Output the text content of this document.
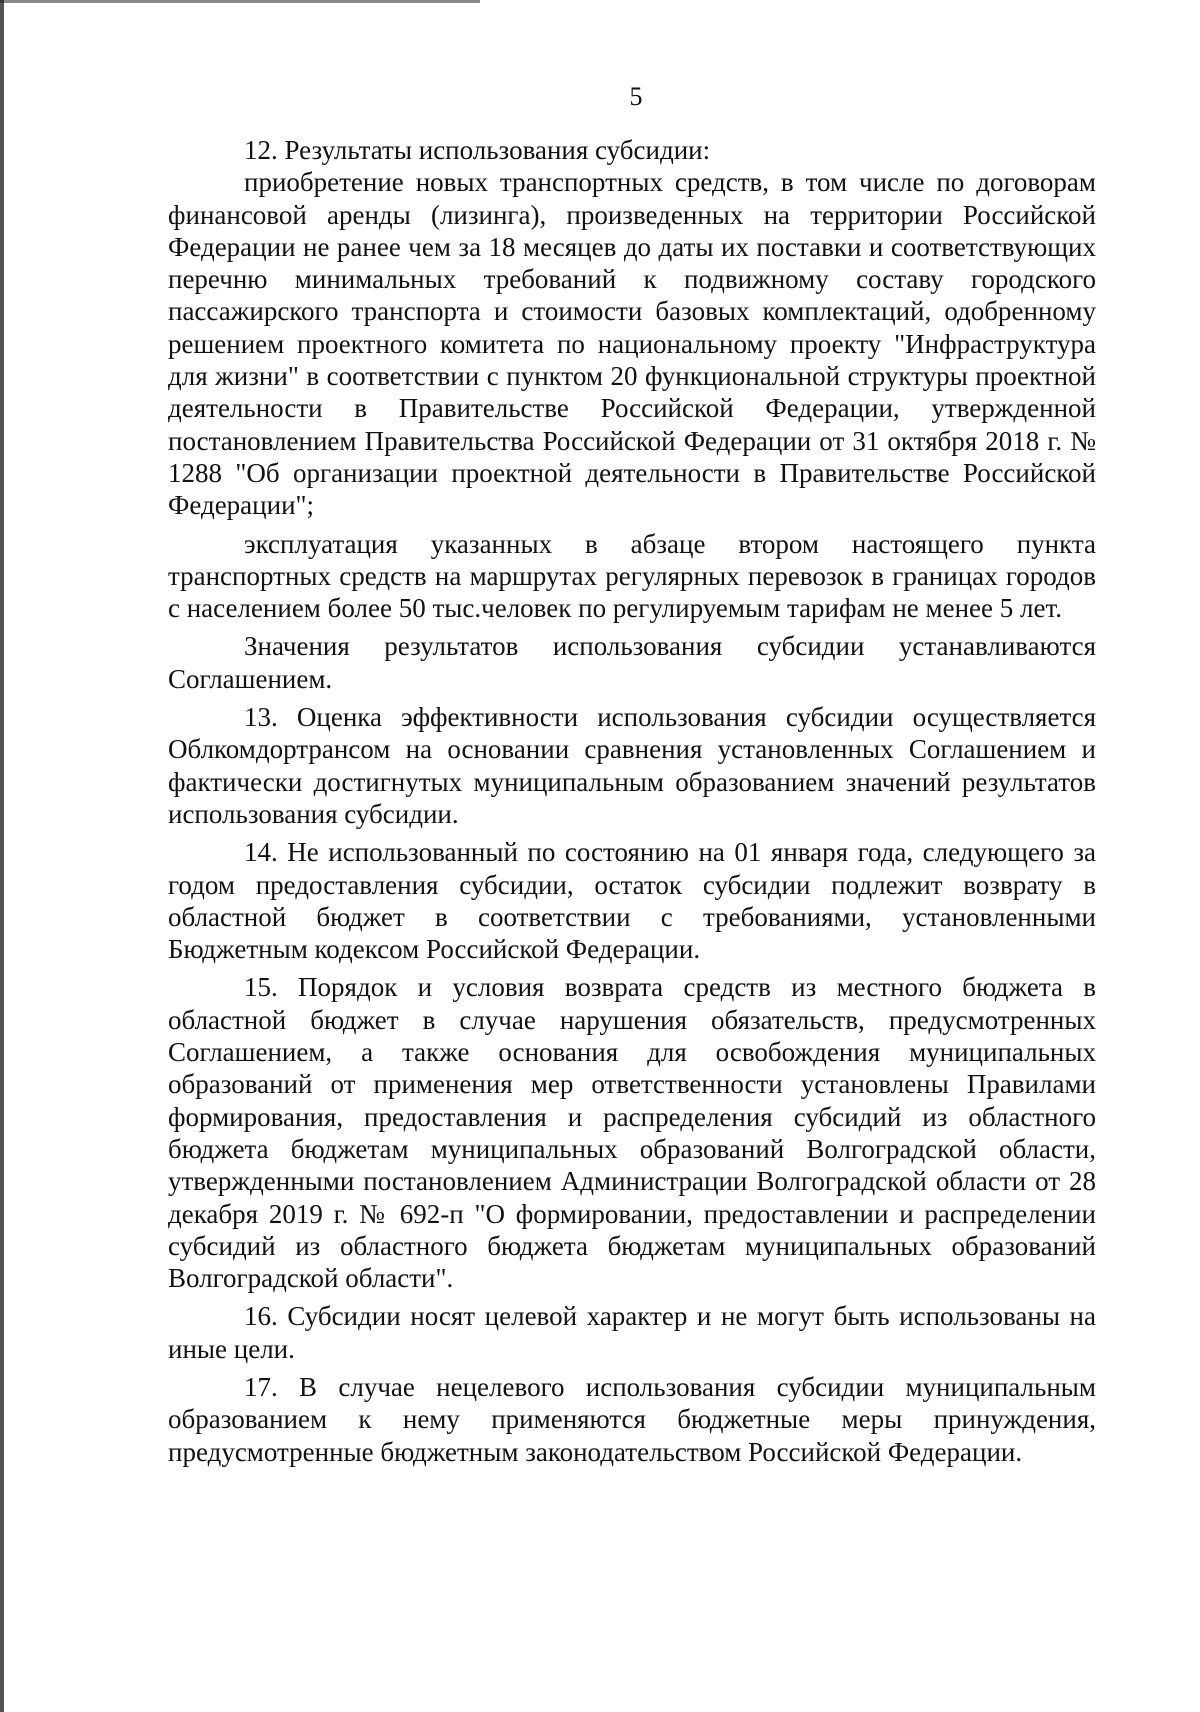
5

12. Результаты использования субсидии:

приобретение новых транспортных средств, в том числе по договорам финансовой аренды (лизинга), произведенных на территории Российской Федерации не ранее чем за 18 месяцев до даты их поставки и соответствующих перечню минимальных требований к подвижному составу городского пассажирского транспорта и стоимости базовых комплектаций, одобренному решением проектного комитета по национальному проекту "Инфраструктура для жизни" в соответствии с пунктом 20 функциональной структуры проектной деятельности в Правительстве Российской Федерации, утвержденной постановлением Правительства Российской Федерации от 31 октября 2018 г. № 1288 "Об организации проектной деятельности в Правительстве Российской Федерации";

эксплуатация указанных в абзаце втором настоящего пункта транспортных средств на маршрутах регулярных перевозок в границах городов с населением более 50 тыс.человек по регулируемым тарифам не менее 5 лет.

Значения результатов использования субсидии устанавливаются Соглашением.

13. Оценка эффективности использования субсидии осуществляется Облкомдортрансом на основании сравнения установленных Соглашением и фактически достигнутых муниципальным образованием значений результатов использования субсидии.

14. Не использованный по состоянию на 01 января года, следующего за годом предоставления субсидии, остаток субсидии подлежит возврату в областной бюджет в соответствии с требованиями, установленными Бюджетным кодексом Российской Федерации.

15. Порядок и условия возврата средств из местного бюджета в областной бюджет в случае нарушения обязательств, предусмотренных Соглашением, а также основания для освобождения муниципальных образований от применения мер ответственности установлены Правилами формирования, предоставления и распределения субсидий из областного бюджета бюджетам муниципальных образований Волгоградской области, утвержденными постановлением Администрации Волгоградской области от 28 декабря 2019 г. № 692-п "О формировании, предоставлении и распределении субсидий из областного бюджета бюджетам муниципальных образований Волгоградской области".

16. Субсидии носят целевой характер и не могут быть использованы на иные цели.

17. В случае нецелевого использования субсидии муниципальным образованием к нему применяются бюджетные меры принуждения, предусмотренные бюджетным законодательством Российской Федерации.
